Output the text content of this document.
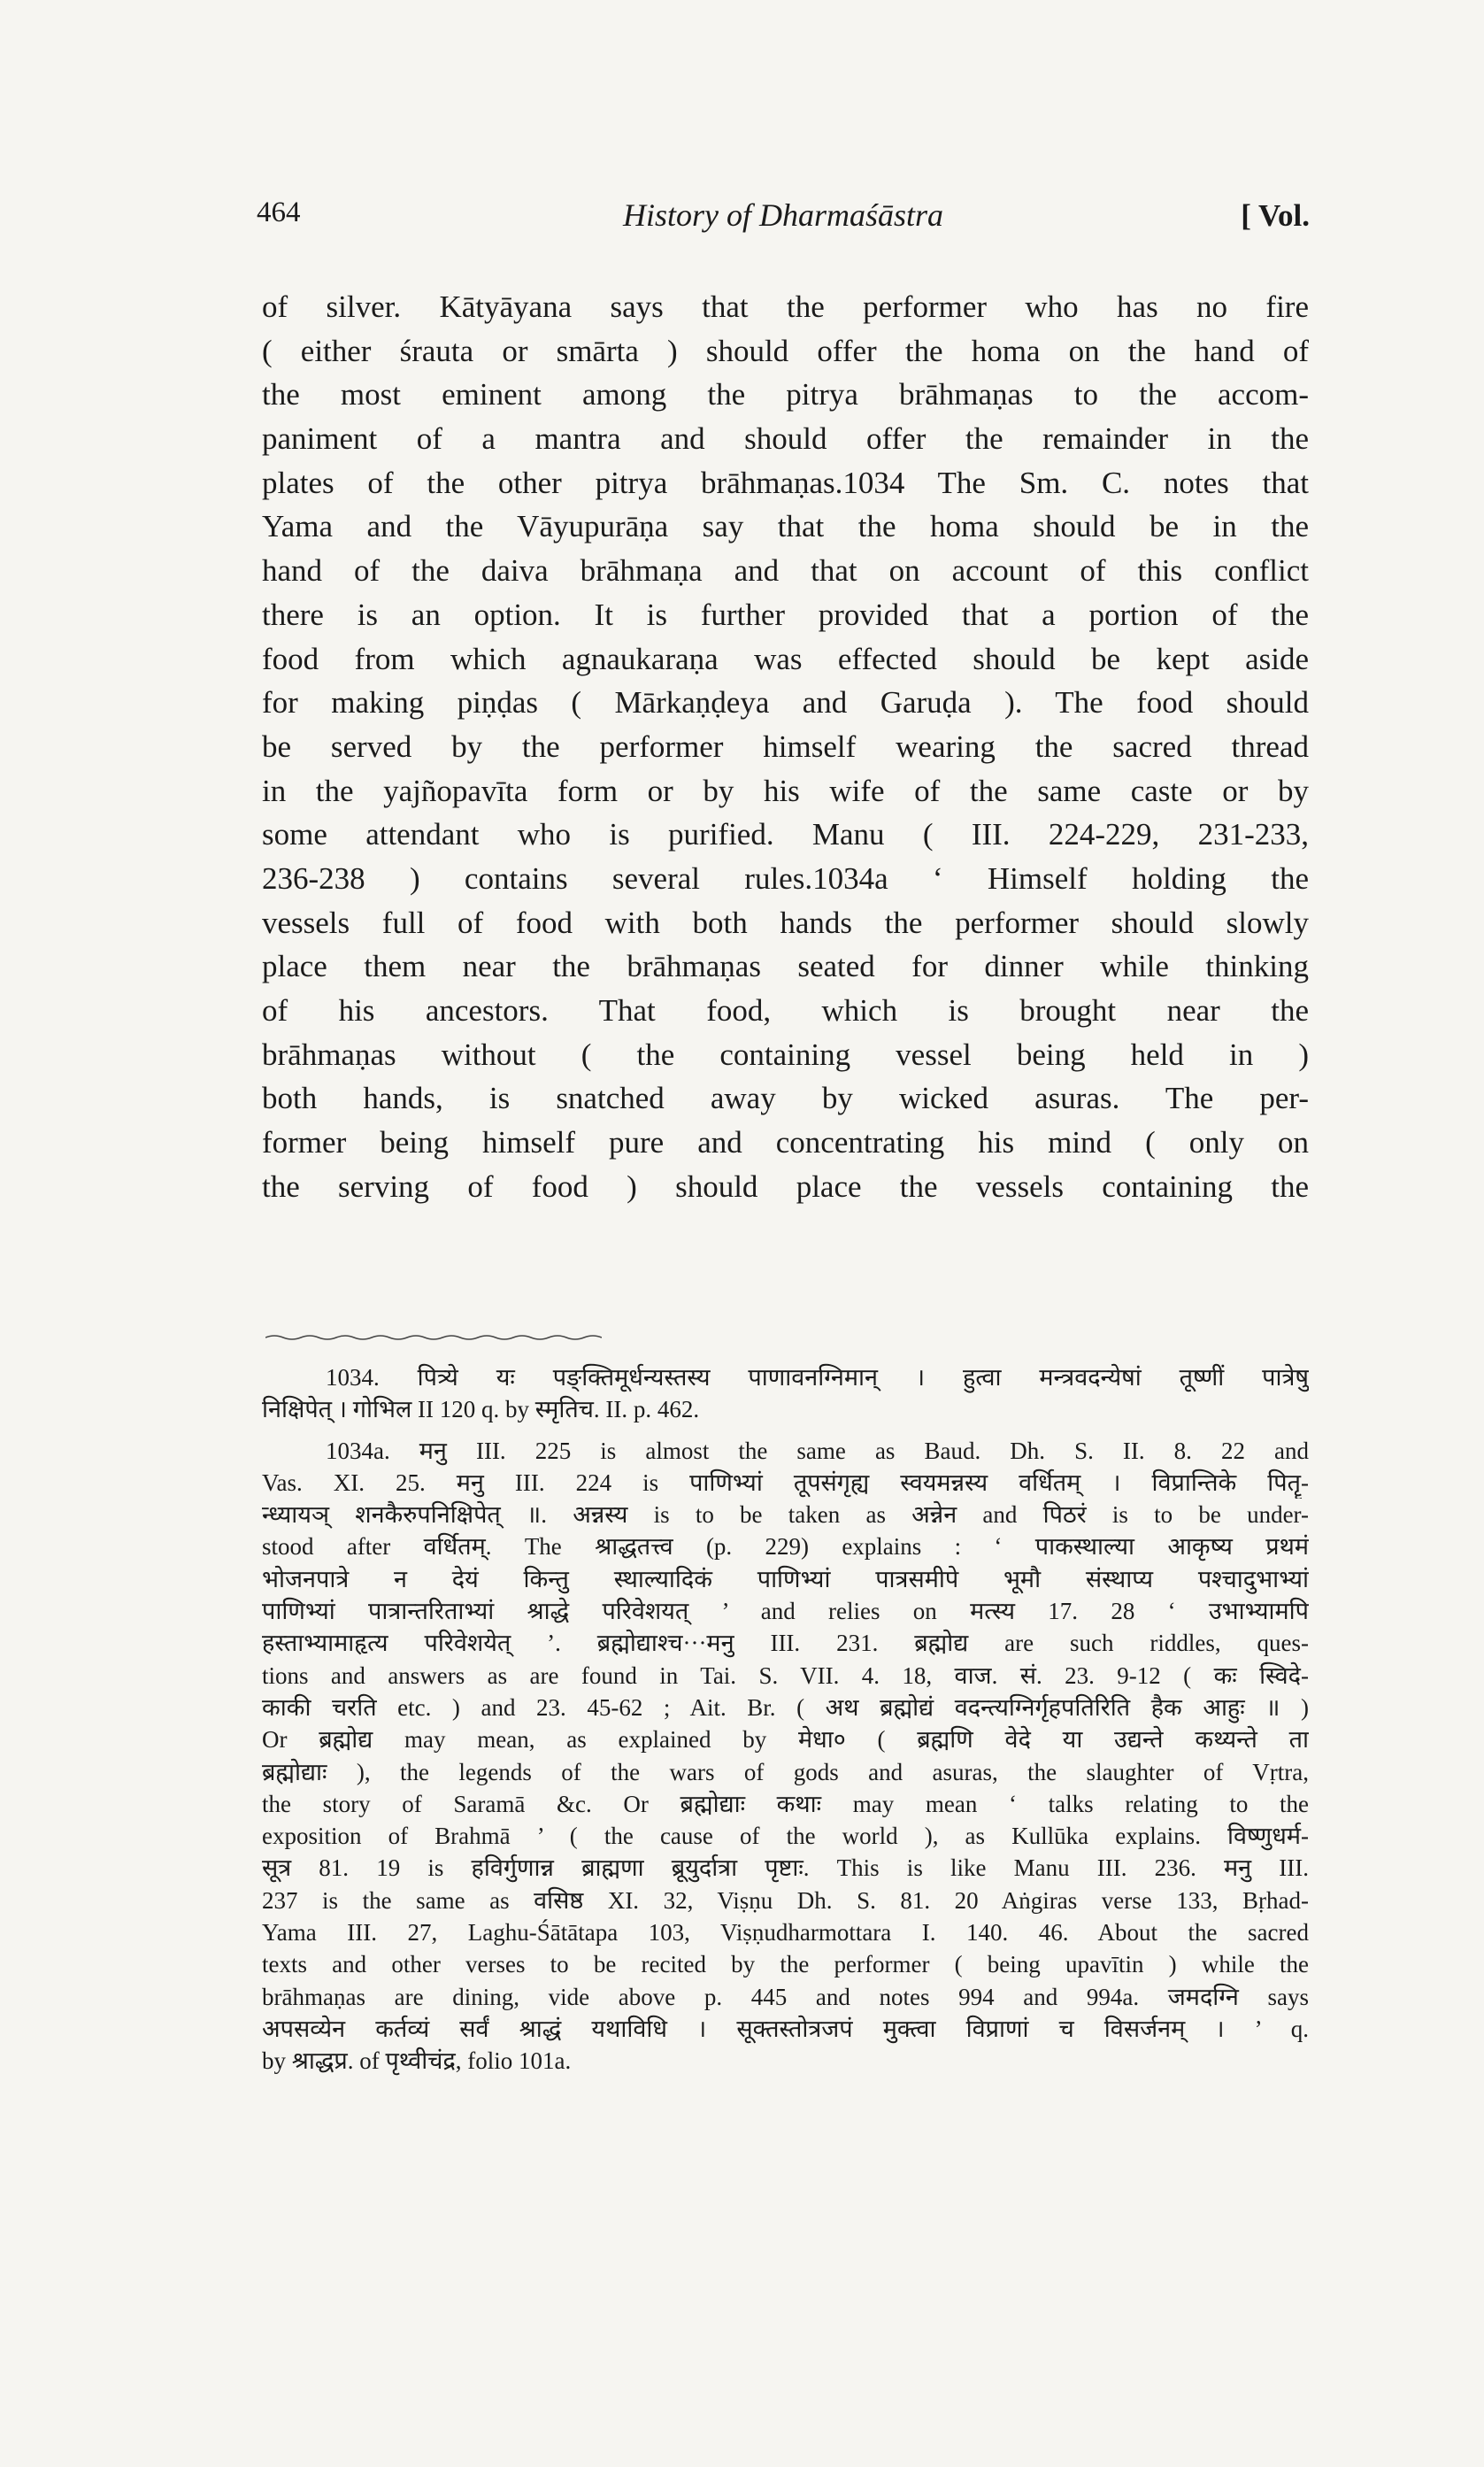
464	History of Dharmaśāstra	[ Vol.
of silver. Kātyāyana says that the performer who has no fire
( either śrauta or smārta ) should offer the homa on the hand of
the most eminent among the pitrya brāhmaṇas to the accom-
paniment of a mantra and should offer the remainder in the
plates of the other pitrya brāhmaṇas.1034 The Sm. C. notes that
Yama and the Vāyupurāṇa say that the homa should be in the
hand of the daiva brāhmaṇa and that on account of this conflict
there is an option. It is further provided that a portion of the
food from which agnaukaraṇa was effected should be kept aside
for making piṇḍas ( Mārkaṇḍeya and Garuḍa ). The food should
be served by the performer himself wearing the sacred thread
in the yajñopavīta form or by his wife of the same caste or by
some attendant who is purified. Manu ( III. 224-229, 231-233,
236-238 ) contains several rules.1034a ‘ Himself holding the
vessels full of food with both hands the performer should slowly
place them near the brāhmaṇas seated for dinner while thinking
of his ancestors. That food, which is brought near the
brāhmaṇas without ( the containing vessel being held in )
both hands, is snatched away by wicked asuras. The per-
former being himself pure and concentrating his mind ( only on
the serving of food ) should place the vessels containing the
1034. पित्र्ये यः पङ्क्तिमूर्धन्यस्तस्य पाणावनग्निमान् । हुत्वा मन्त्रवदन्येषां तूष्णीं पात्रेषु
निक्षिपेत् । गोभिल II 120 q. by स्मृतिच. II. p. 462.
1034a. मनु III. 225 is almost the same as Baud. Dh. S. II. 8. 22 and
Vas. XI. 25. मनु III. 224 is पाणिभ्यां तूपसंगृह्य स्वयमन्नस्य वर्धितम् । विप्रान्तिके पितॄ-
न्ध्यायञ् शनकैरुपनिक्षिपेत् ॥. अन्नस्य is to be taken as अन्नेन and पिठरं is to be under-
stood after वर्धितम्. The श्राद्धतत्त्व (p. 229) explains : ‘ पाकस्थाल्या आकृष्य प्रथमं
भोजनपात्रे न देयं किन्तु स्थाल्यादिकं पाणिभ्यां पात्रसमीपे भूमौ संस्थाप्य पश्चादुभाभ्यां
पाणिभ्यां पात्रान्तरिताभ्यां श्राद्धे परिवेशयत् ’ and relies on मत्स्य 17. 28 ‘ उभाभ्यामपि
हस्ताभ्यामाहृत्य परिवेशयेत् ’. ब्रह्मोद्याश्च···मनु III. 231. ब्रह्मोद्य are such riddles, ques-
tions and answers as are found in Tai. S. VII. 4. 18, वाज. सं. 23. 9-12 ( कः स्विदे-
काकी चरति etc. ) and 23. 45-62 ; Ait. Br. ( अथ ब्रह्मोद्यं वदन्त्यग्निर्गृहपतिरिति हैक आहुः ॥ )
Or ब्रह्मोद्य may mean, as explained by मेधा० ( ब्रह्मणि वेदे या उद्यन्ते कथ्यन्ते ता
ब्रह्मोद्याः ), the legends of the wars of gods and asuras, the slaughter of Vṛtra,
the story of Saramā &c. Or ब्रह्मोद्याः कथाः may mean ‘ talks relating to the
exposition of Brahmā ’ ( the cause of the world ), as Kullūka explains. विष्णुधर्म-
सूत्र 81. 19 is हविर्गुणान्न ब्राह्मणा ब्रूयुर्दात्रा पृष्टाः. This is like Manu III. 236. मनु III.
237 is the same as वसिष्ठ XI. 32, Viṣṇu Dh. S. 81. 20 Aṅgiras verse 133, Bṛhad-
Yama III. 27, Laghu-Śātātapa 103, Viṣṇudharmottara I. 140. 46. About the sacred
texts and other verses to be recited by the performer ( being upavītin ) while the
brāhmaṇas are dining, vide above p. 445 and notes 994 and 994a. जमदग्नि says
अपसव्येन कर्तव्यं सर्वं श्राद्धं यथाविधि । सूक्तस्तोत्रजपं मुक्त्वा विप्राणां च विसर्जनम् । ’ q.
by श्राद्धप्र. of पृथ्वीचंद्र, folio 101a.
